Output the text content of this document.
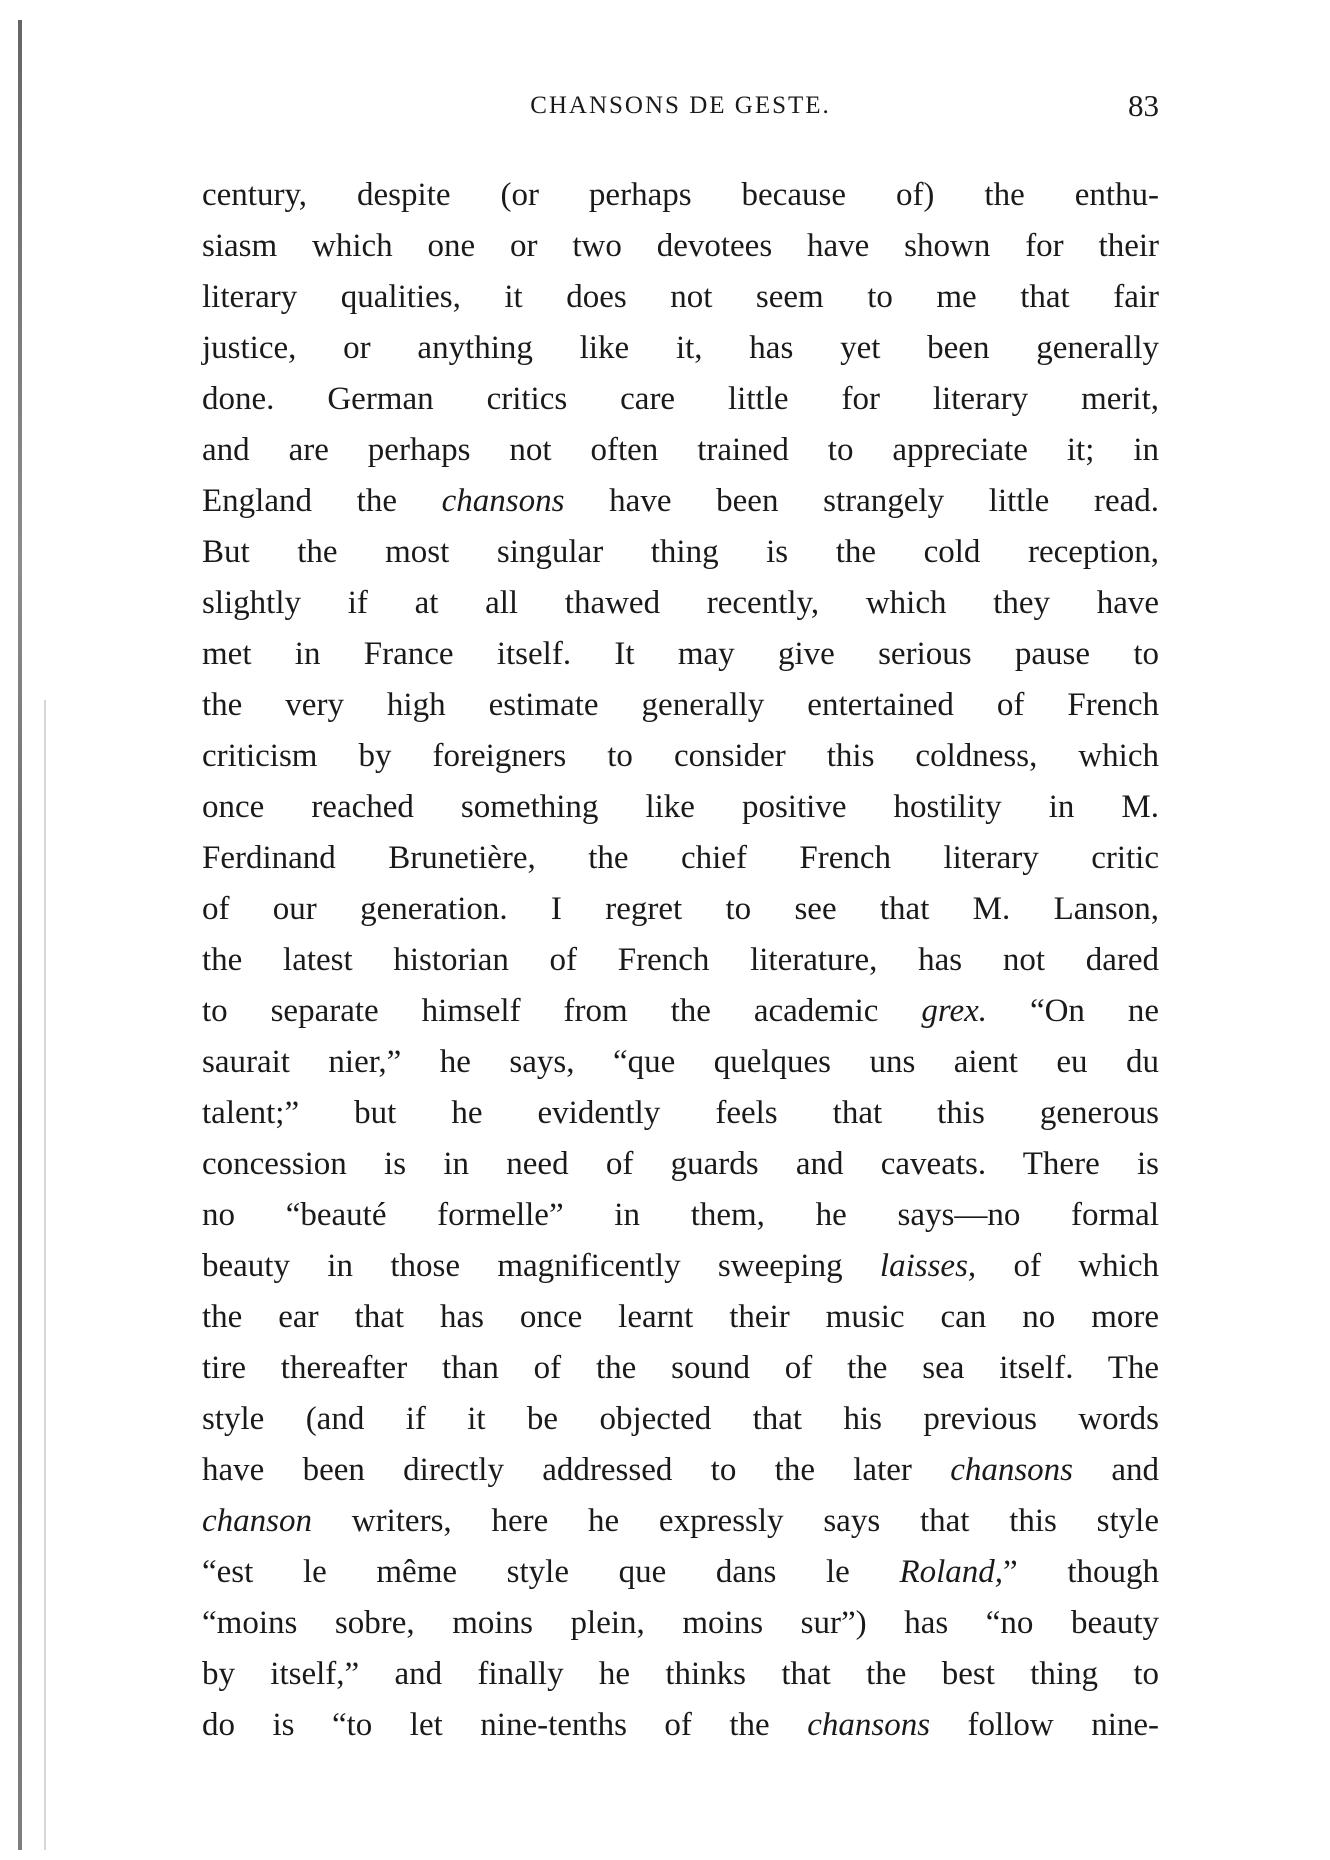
CHANSONS DE GESTE.	83
century, despite (or perhaps because of) the enthu-
siasm which one or two devotees have shown for their
literary qualities, it does not seem to me that fair
justice, or anything like it, has yet been generally
done. German critics care little for literary merit,
and are perhaps not often trained to appreciate it; in
England the chansons have been strangely little read.
But the most singular thing is the cold reception,
slightly if at all thawed recently, which they have
met in France itself. It may give serious pause to
the very high estimate generally entertained of French
criticism by foreigners to consider this coldness, which
once reached something like positive hostility in M.
Ferdinand Brunetière, the chief French literary critic
of our generation. I regret to see that M. Lanson,
the latest historian of French literature, has not dared
to separate himself from the academic grex. “On ne
saurait nier,” he says, “que quelques uns aient eu du
talent;” but he evidently feels that this generous
concession is in need of guards and caveats. There is
no “beauté formelle” in them, he says—no formal
beauty in those magnificently sweeping laisses, of which
the ear that has once learnt their music can no more
tire thereafter than of the sound of the sea itself. The
style (and if it be objected that his previous words
have been directly addressed to the later chansons and
chanson writers, here he expressly says that this style
“est le même style que dans le Roland,” though
“moins sobre, moins plein, moins sur”) has “no beauty
by itself,” and finally he thinks that the best thing to
do is “to let nine-tenths of the chansons follow nine-
